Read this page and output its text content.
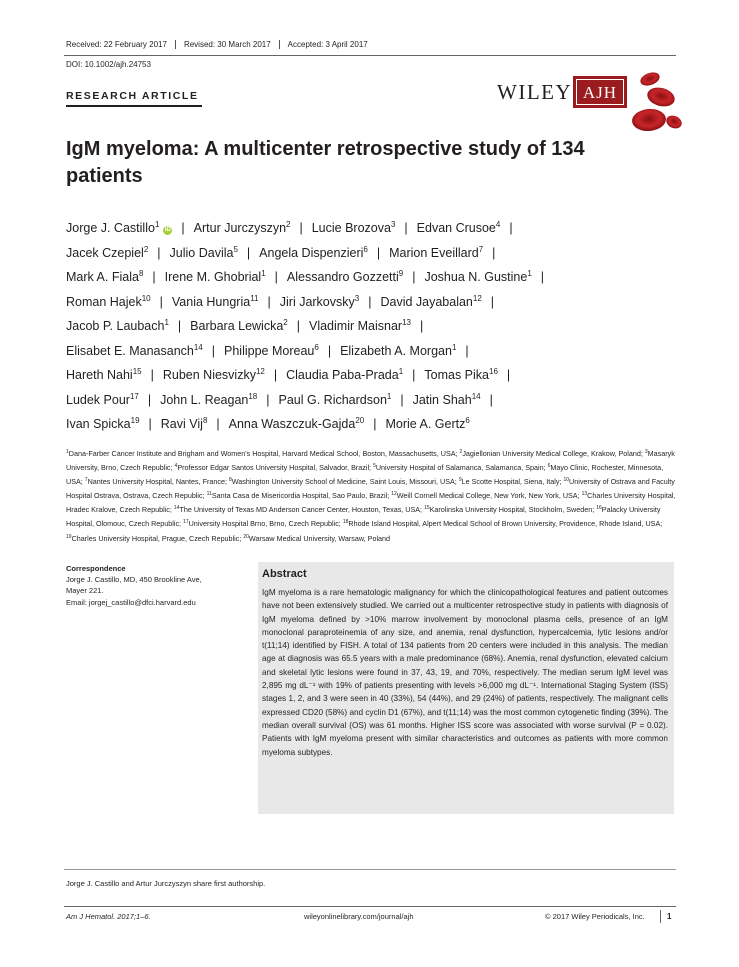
Received: 22 February 2017	Revised: 30 March 2017	Accepted: 3 April 2017
DOI: 10.1002/ajh.24753
RESEARCH ARTICLE	WILEY AJH
IgM myeloma: A multicenter retrospective study of 134 patients
Jorge J. Castillo$^1$iD | Artur Jurczyszyn$^2$ | Lucie Brozova$^3$ | Edvan Crusoe$^4$ |
Jacek Czepiel$^2$ | Julio Davila$^5$ | Angela Dispenzieri$^6$ | Marion Eveillard$^7$ |
Mark A. Fiala$^8$ | Irene M. Ghobrial$^1$ | Alessandro Gozzetti$^9$ | Joshua N. Gustine$^1$ |
Roman Hajek$^{10}$ | Vania Hungria$^{11}$ | Jiri Jarkovsky$^3$ | David Jayabalan$^{12}$ |
Jacob P. Laubach$^1$ | Barbara Lewicka$^2$ | Vladimir Maisnar$^{13}$ |
Elisabet E. Manasanch$^{14}$ | Philippe Moreau$^6$ | Elizabeth A. Morgan$^1$ |
Hareth Nahi$^{15}$ | Ruben Niesvizky$^{12}$ | Claudia Paba-Prada$^1$ | Tomas Pika$^{16}$ |
Ludek Pour$^{17}$ | John L. Reagan$^{18}$ | Paul G. Richardson$^1$ | Jatin Shah$^{14}$ |
Ivan Spicka$^{19}$ | Ravi Vij$^8$ | Anna Waszczuk-Gajda$^{20}$ | Morie A. Gertz$^6$
$^1$Dana-Farber Cancer Institute and Brigham and Women's Hospital, Harvard Medical School, Boston, Massachusetts, USA; $^2$Jagiellonian University Medical College, Krakow, Poland; $^3$Masaryk University, Brno, Czech Republic; $^4$Professor Edgar Santos University Hospital, Salvador, Brazil; $^5$University Hospital of Salamanca, Salamanca, Spain; $^6$Mayo Clinic, Rochester, Minnesota, USA; $^7$Nantes University Hospital, Nantes, France; $^8$Washington University School of Medicine, Saint Louis, Missouri, USA; $^9$Le Scotte Hospital, Siena, Italy; $^{10}$University of Ostrava and Faculty Hospital Ostrava, Ostrava, Czech Republic; $^{11}$Santa Casa de Misericordia Hospital, Sao Paulo, Brazil; $^{12}$Weill Cornell Medical College, New York, New York, USA; $^{13}$Charles University Hospital, Hradec Kralove, Czech Republic; $^{14}$The University of Texas MD Anderson Cancer Center, Houston, Texas, USA; $^{15}$Karolinska University Hospital, Stockholm, Sweden; $^{16}$Palacky University Hospital, Olomouc, Czech Republic; $^{17}$University Hospital Brno, Brno, Czech Republic; $^{18}$Rhode Island Hospital, Alpert Medical School of Brown University, Providence, Rhode Island, USA; $^{19}$Charles University Hospital, Prague, Czech Republic; $^{20}$Warsaw Medical University, Warsaw, Poland
Correspondence
Jorge J. Castillo, MD, 450 Brookline Ave,
Mayer 221.
Email: jorgej_castillo@dfci.harvard.edu
Abstract
IgM myeloma is a rare hematologic malignancy for which the clinicopathological features and patient outcomes have not been extensively studied. We carried out a multicenter retrospective study in patients with diagnosis of IgM myeloma defined by >10% marrow involvement by monoclonal plasma cells, presence of an IgM monoclonal paraproteinemia of any size, and anemia, renal dysfunction, hypercalcemia, lytic lesions and/or t(11;14) identified by FISH. A total of 134 patients from 20 centers were included in this analysis. The median age at diagnosis was 65.5 years with a male predominance (68%). Anemia, renal dysfunction, elevated calcium and skeletal lytic lesions were found in 37, 43, 19, and 70%, respectively. The median serum IgM level was 2,895 mg dL⁻¹ with 19% of patients presenting with levels >6,000 mg dL⁻¹. International Staging System (ISS) stages 1, 2, and 3 were seen in 40 (33%), 54 (44%), and 29 (24%) of patients, respectively. The malignant cells expressed CD20 (58%) and cyclin D1 (67%), and t(11;14) was the most common cytogenetic finding (39%). The median overall survival (OS) was 61 months. Higher ISS score was associated with worse survival (P = 0.02). Patients with IgM myeloma present with similar characteristics and outcomes as patients with more common myeloma subtypes.
Jorge J. Castillo and Artur Jurczyszyn share first authorship.
Am J Hematol. 2017;1–6.	wileyonlinelibrary.com/journal/ajh	© 2017 Wiley Periodicals, Inc.	1
